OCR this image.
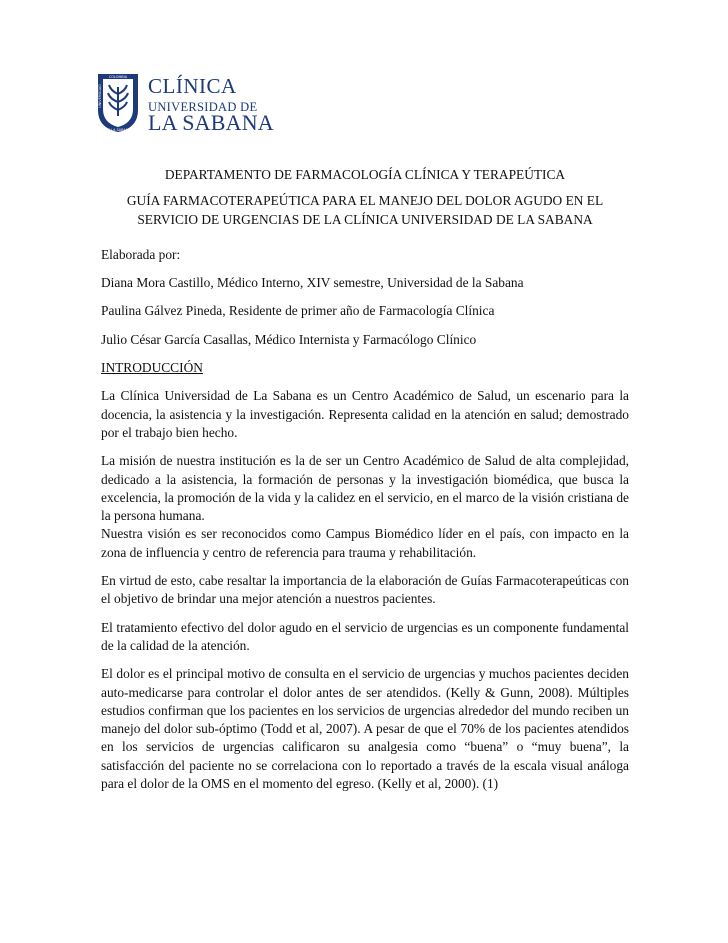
COLOMBIA
UNIVERSIDAD
DE LA SABANA
CLÍNICA
UNIVERSIDAD DE
LA SABANA

DEPARTAMENTO DE FARMACOLOGÍA CLÍNICA Y TERAPEÚTICA

GUÍA FARMACOTERAPEÚTICA PARA EL MANEJO DEL DOLOR AGUDO EN EL
SERVICIO DE URGENCIAS DE LA CLÍNICA UNIVERSIDAD DE LA SABANA

Elaborada por:

Diana Mora Castillo, Médico Interno, XIV semestre, Universidad de la Sabana

Paulina Gálvez Pineda, Residente de primer año de Farmacología Clínica

Julio César García Casallas, Médico Internista y Farmacólogo Clínico

INTRODUCCIÓN

La Clínica Universidad de La Sabana es un Centro Académico de Salud, un escenario para la docencia, la asistencia y la investigación. Representa calidad en la atención en salud; demostrado por el trabajo bien hecho.

La misión de nuestra institución es la de ser un Centro Académico de Salud de alta complejidad, dedicado a la asistencia, la formación de personas y la investigación biomédica, que busca la excelencia, la promoción de la vida y la calidez en el servicio, en el marco de la visión cristiana de la persona humana.

Nuestra visión es ser reconocidos como Campus Biomédico líder en el país, con impacto en la zona de influencia y centro de referencia para trauma y rehabilitación.

En virtud de esto, cabe resaltar la importancia de la elaboración de Guías Farmacoterapeúticas con el objetivo de brindar una mejor atención a nuestros pacientes.

El tratamiento efectivo del dolor agudo en el servicio de urgencias es un componente fundamental de la calidad de la atención.

El dolor es el principal motivo de consulta en el servicio de urgencias y muchos pacientes deciden auto-medicarse para controlar el dolor antes de ser atendidos. (Kelly & Gunn, 2008). Múltiples estudios confirman que los pacientes en los servicios de urgencias alrededor del mundo reciben un manejo del dolor sub-óptimo (Todd et al, 2007). A pesar de que el 70% de los pacientes atendidos en los servicios de urgencias calificaron su analgesia como “buena” o “muy buena”, la satisfacción del paciente no se correlaciona con lo reportado a través de la escala visual análoga para el dolor de la OMS en el momento del egreso. (Kelly et al, 2000). (1)
